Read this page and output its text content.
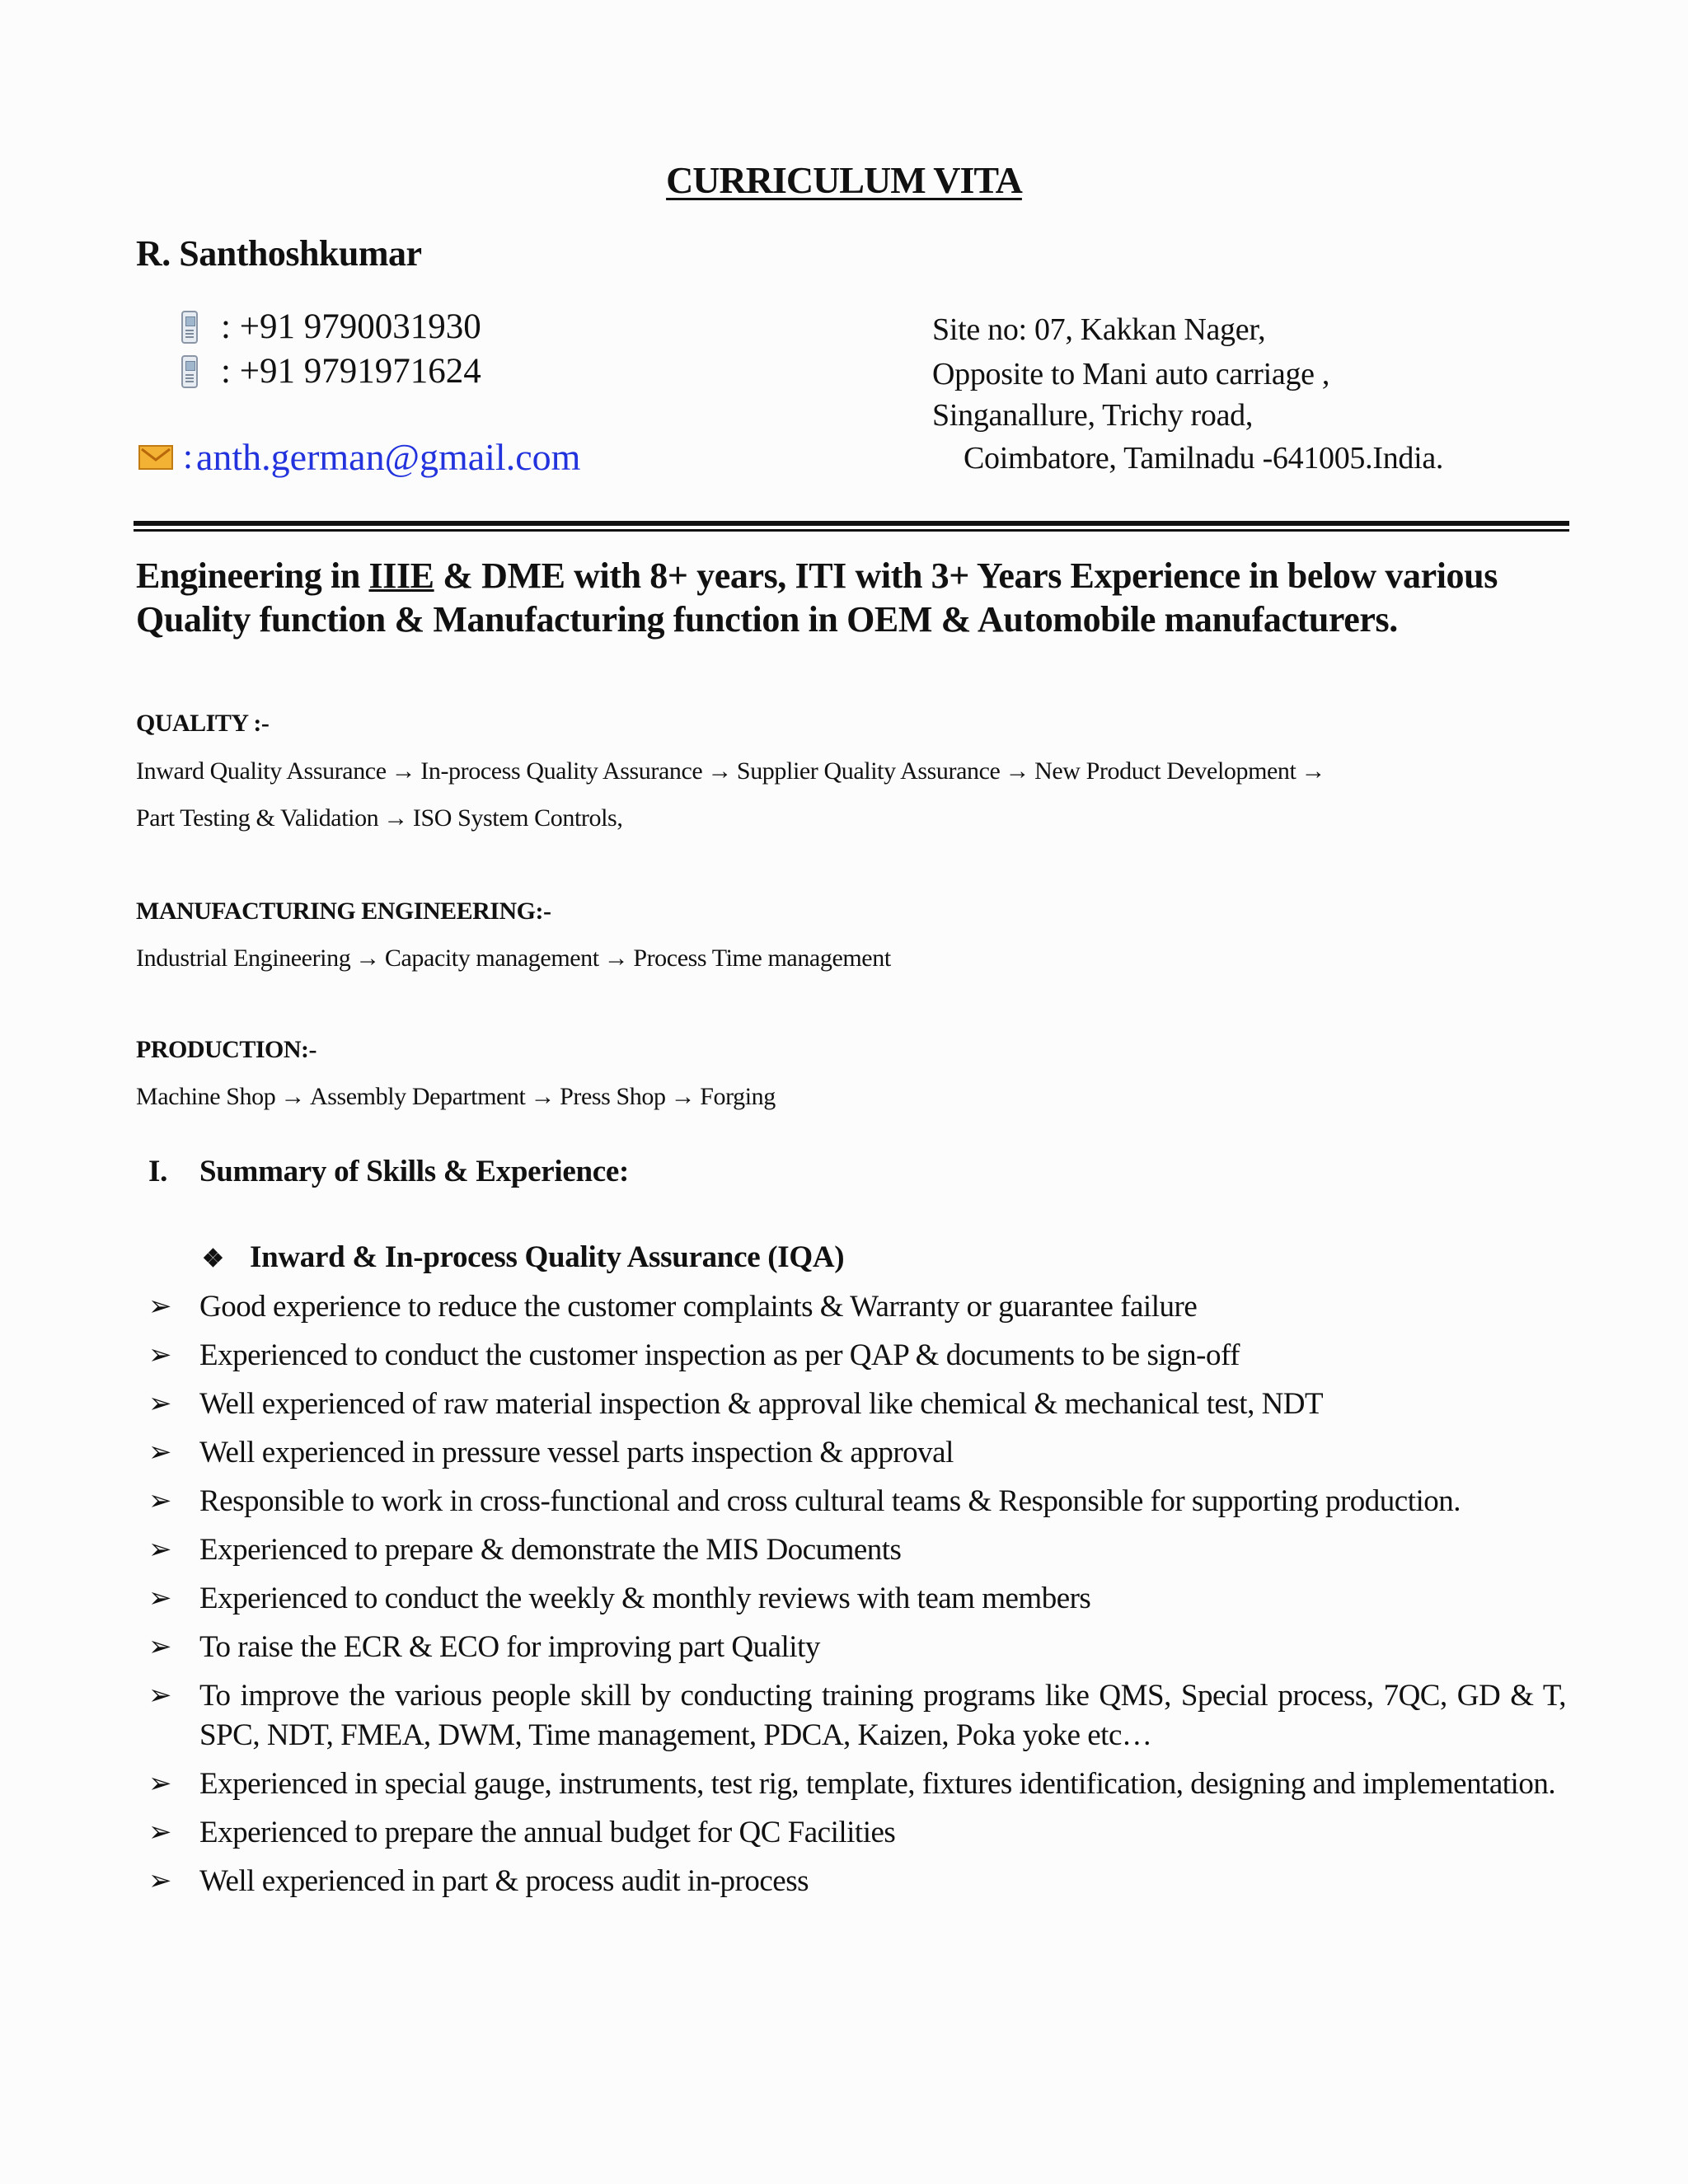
CURRICULUM VITA
R. Santhoshkumar
: +91 9790031930
: +91 9791971624
: anth.german@gmail.com
Site no: 07, Kakkan Nager,
Opposite to Mani auto carriage ,
Singanallure, Trichy road,
Coimbatore, Tamilnadu -641005.India.
Engineering in IIIE & DME with 8+ years, ITI with 3+ Years Experience in below various Quality function & Manufacturing function in OEM & Automobile manufacturers.
QUALITY :-
Inward Quality Assurance → In-process Quality Assurance → Supplier Quality Assurance → New Product Development →
Part Testing & Validation → ISO System Controls,
MANUFACTURING ENGINEERING:-
Industrial Engineering → Capacity management → Process Time management
PRODUCTION:-
Machine Shop → Assembly Department → Press Shop → Forging
I. Summary of Skills & Experience:
❖ Inward & In-process Quality Assurance (IQA)
➢ Good experience to reduce the customer complaints & Warranty or guarantee failure
➢ Experienced to conduct the customer inspection as per QAP & documents to be sign-off
➢ Well experienced of raw material inspection & approval like chemical & mechanical test, NDT
➢ Well experienced in pressure vessel parts inspection & approval
➢ Responsible to work in cross-functional and cross cultural teams & Responsible for supporting production.
➢ Experienced to prepare & demonstrate the MIS Documents
➢ Experienced to conduct the weekly & monthly reviews with team members
➢ To raise the ECR & ECO for improving part Quality
➢ To improve the various people skill by conducting training programs like QMS, Special process, 7QC, GD & T, SPC, NDT, FMEA, DWM, Time management, PDCA, Kaizen, Poka yoke etc…
➢ Experienced in special gauge, instruments, test rig, template, fixtures identification, designing and implementation.
➢ Experienced to prepare the annual budget for QC Facilities
➢ Well experienced in part & process audit in-process
